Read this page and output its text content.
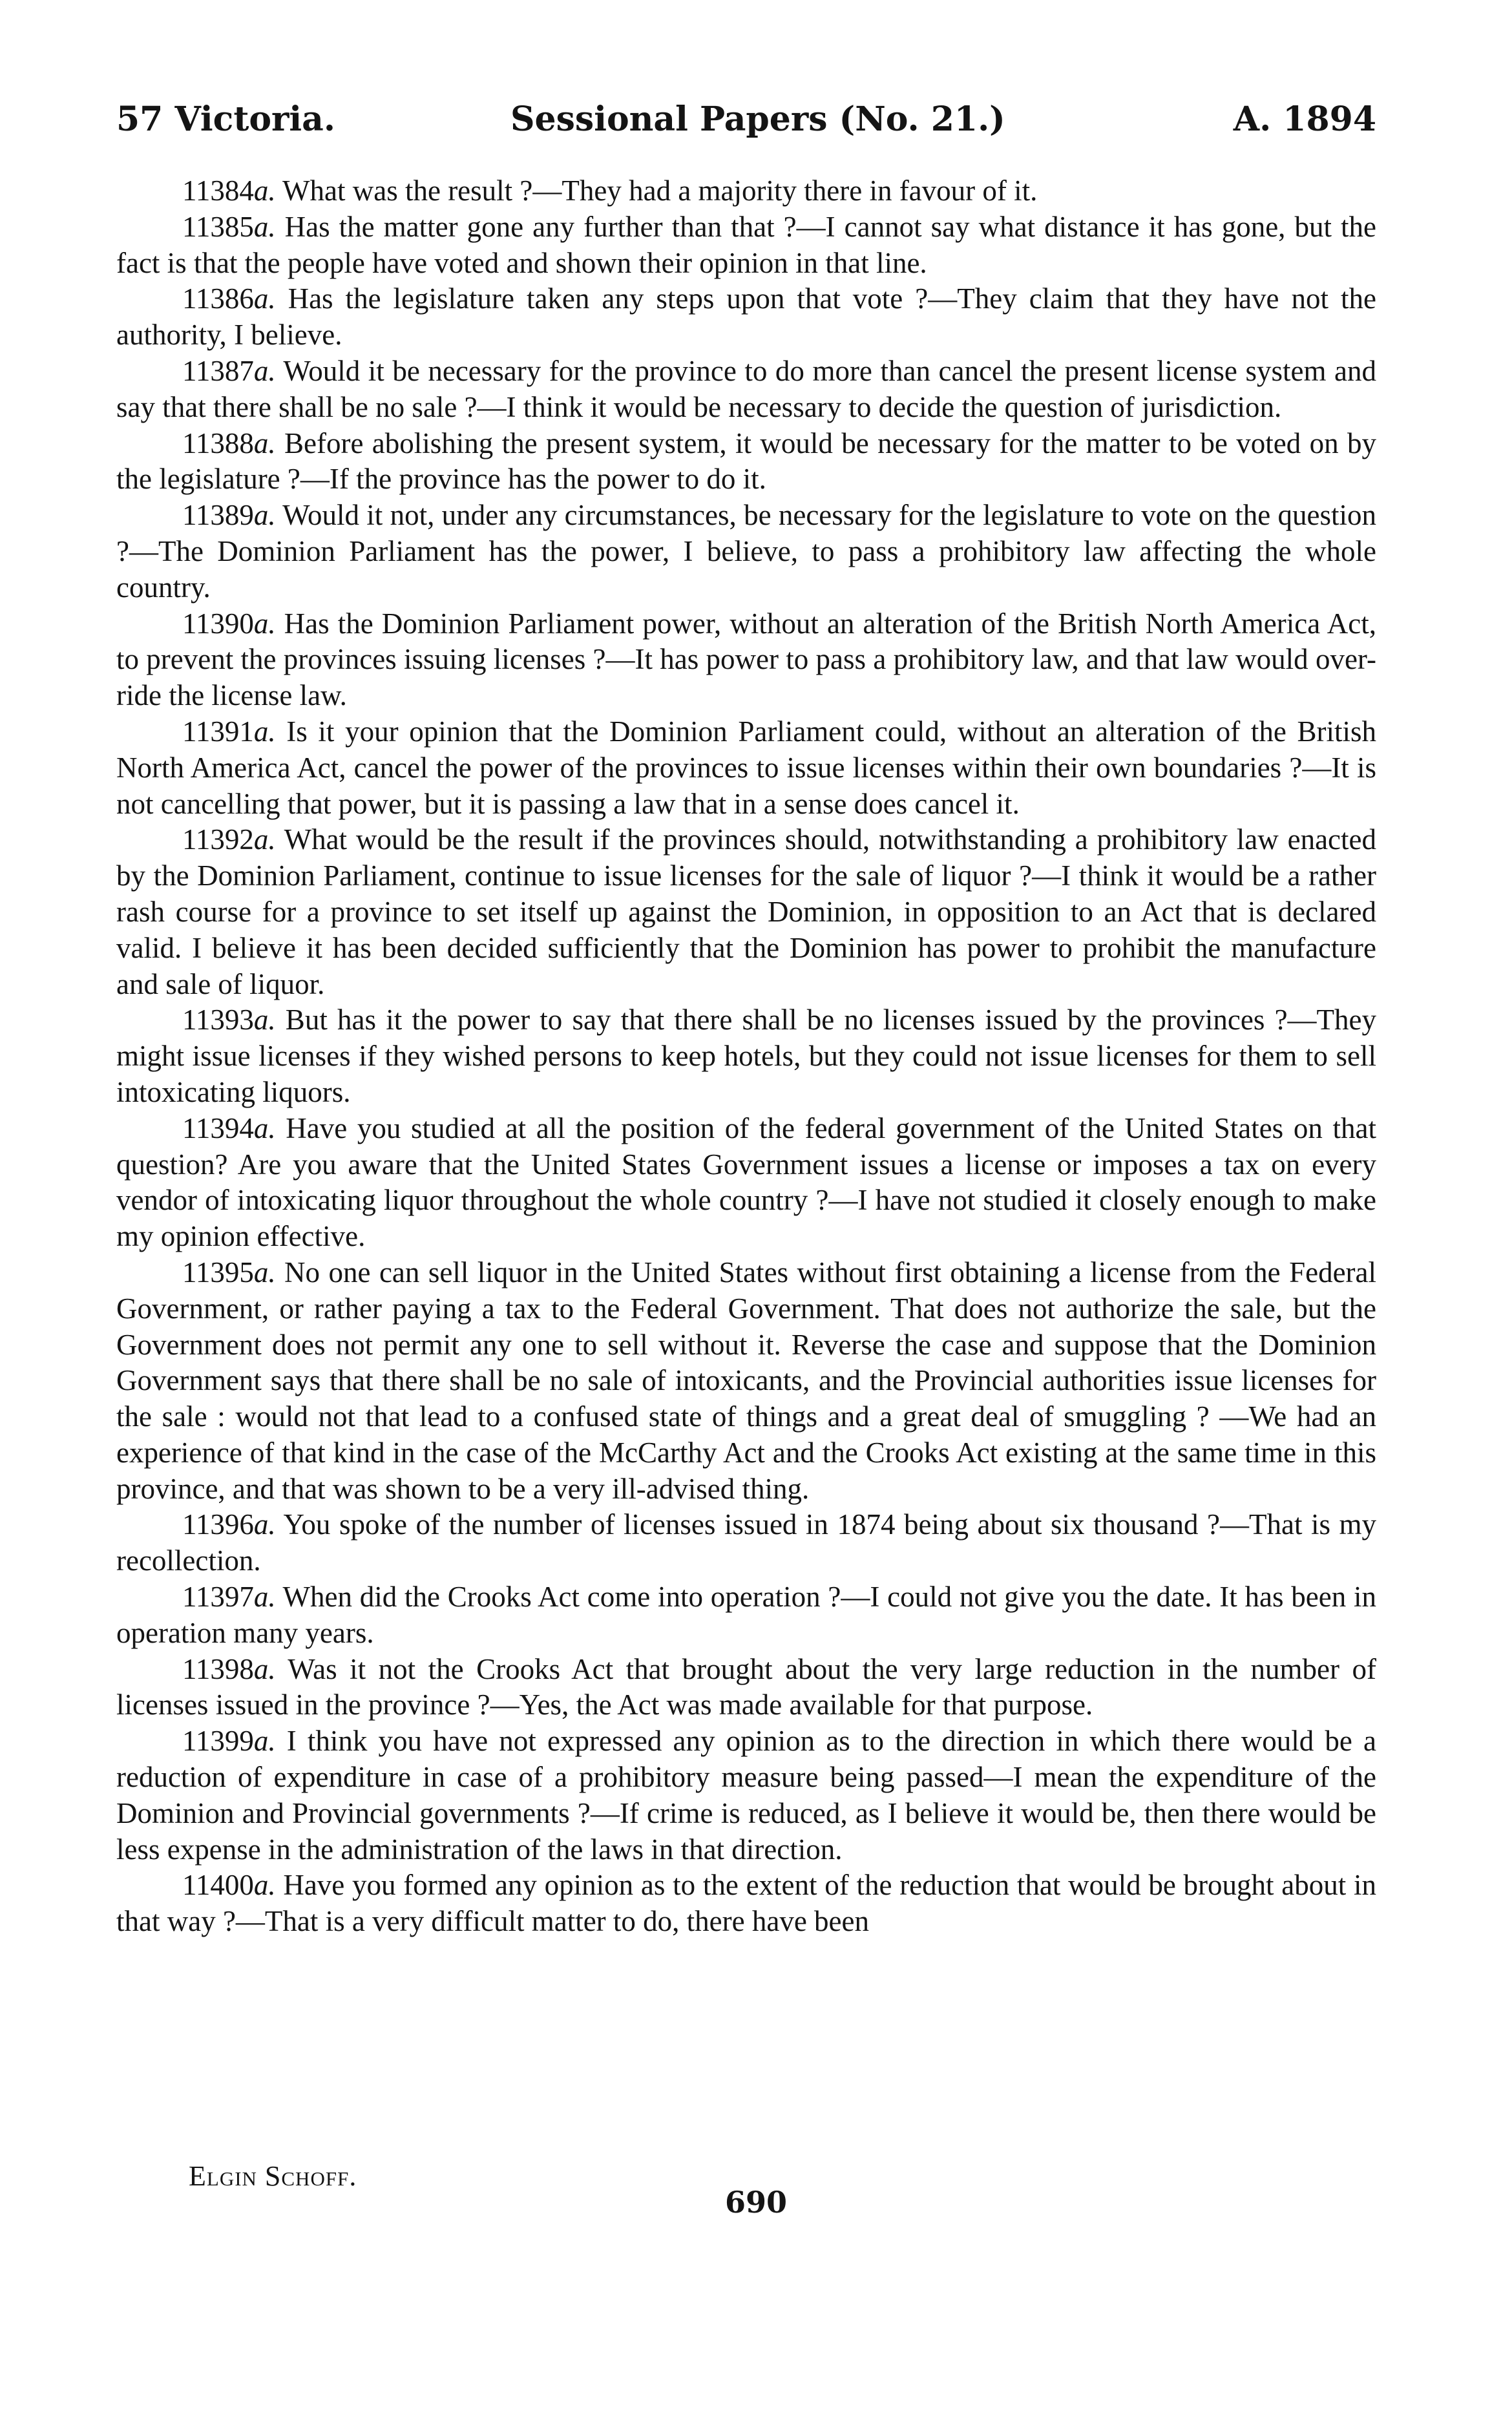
57 Victoria.	Sessional Papers (No. 21.)	A. 1894

11384a. What was the result ?—They had a majority there in favour of it.

11385a. Has the matter gone any further than that ?—I cannot say what distance it has gone, but the fact is that the people have voted and shown their opinion in that line.

11386a. Has the legislature taken any steps upon that vote ?—They claim that they have not the authority, I believe.

11387a. Would it be necessary for the province to do more than cancel the present license system and say that there shall be no sale ?—I think it would be necessary to decide the question of jurisdiction.

11388a. Before abolishing the present system, it would be necessary for the matter to be voted on by the legislature ?—If the province has the power to do it.

11389a. Would it not, under any circumstances, be necessary for the legislature to vote on the question ?—The Dominion Parliament has the power, I believe, to pass a prohibitory law affecting the whole country.

11390a. Has the Dominion Parliament power, without an alteration of the British North America Act, to prevent the provinces issuing licenses ?—It has power to pass a prohibitory law, and that law would over-ride the license law.

11391a. Is it your opinion that the Dominion Parliament could, without an alteration of the British North America Act, cancel the power of the provinces to issue licenses within their own boundaries ?—It is not cancelling that power, but it is passing a law that in a sense does cancel it.

11392a. What would be the result if the provinces should, notwithstanding a prohibitory law enacted by the Dominion Parliament, continue to issue licenses for the sale of liquor ?—I think it would be a rather rash course for a province to set itself up against the Dominion, in opposition to an Act that is declared valid. I believe it has been decided sufficiently that the Dominion has power to prohibit the manufacture and sale of liquor.

11393a. But has it the power to say that there shall be no licenses issued by the provinces ?—They might issue licenses if they wished persons to keep hotels, but they could not issue licenses for them to sell intoxicating liquors.

11394a. Have you studied at all the position of the federal government of the United States on that question? Are you aware that the United States Government issues a license or imposes a tax on every vendor of intoxicating liquor throughout the whole country ?—I have not studied it closely enough to make my opinion effective.

11395a. No one can sell liquor in the United States without first obtaining a license from the Federal Government, or rather paying a tax to the Federal Government. That does not authorize the sale, but the Government does not permit any one to sell without it. Reverse the case and suppose that the Dominion Government says that there shall be no sale of intoxicants, and the Provincial authorities issue licenses for the sale : would not that lead to a confused state of things and a great deal of smuggling ? —We had an experience of that kind in the case of the McCarthy Act and the Crooks Act existing at the same time in this province, and that was shown to be a very ill-advised thing.

11396a. You spoke of the number of licenses issued in 1874 being about six thousand ?—That is my recollection.

11397a. When did the Crooks Act come into operation ?—I could not give you the date. It has been in operation many years.

11398a. Was it not the Crooks Act that brought about the very large reduction in the number of licenses issued in the province ?—Yes, the Act was made available for that purpose.

11399a. I think you have not expressed any opinion as to the direction in which there would be a reduction of expenditure in case of a prohibitory measure being passed—I mean the expenditure of the Dominion and Provincial governments ?—If crime is reduced, as I believe it would be, then there would be less expense in the administration of the laws in that direction.

11400a. Have you formed any opinion as to the extent of the reduction that would be brought about in that way ?—That is a very difficult matter to do, there have been

Elgin Schoff.
690
